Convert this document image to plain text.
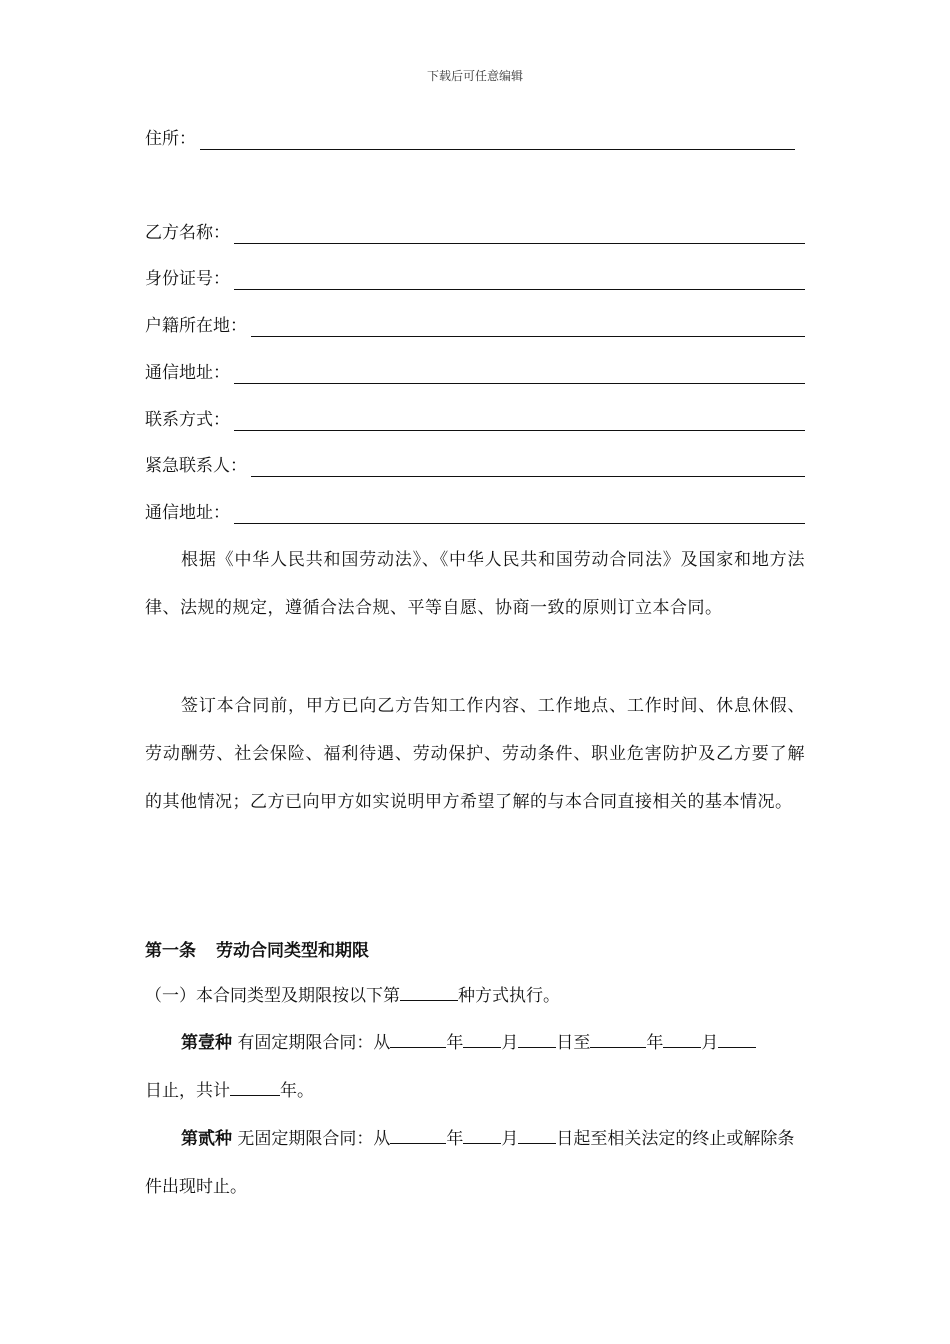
下载后可任意编辑
住所：
乙方名称：
身份证号：
户籍所在地：
通信地址：
联系方式：
紧急联系人：
通信地址：
根据《中华人民共和国劳动法》、《中华人民共和国劳动合同法》及国家和地方法律、法规的规定，遵循合法合规、平等自愿、协商一致的原则订立本合同。
签订本合同前，甲方已向乙方告知工作内容、工作地点、工作时间、休息休假、劳动酬劳、社会保险、福利待遇、劳动保护、劳动条件、职业危害防护及乙方要了解的其他情况；乙方已向甲方如实说明甲方希望了解的与本合同直接相关的基本情况。
第一条 劳动合同类型和期限
（一）本合同类型及期限按以下第	种方式执行。
第壹种 有固定期限合同：从	年 月 日至	年 月
日止，共计	年。
第贰种 无固定期限合同：从	年 月 日起至相关法定的终止或解除条件出现时止。
